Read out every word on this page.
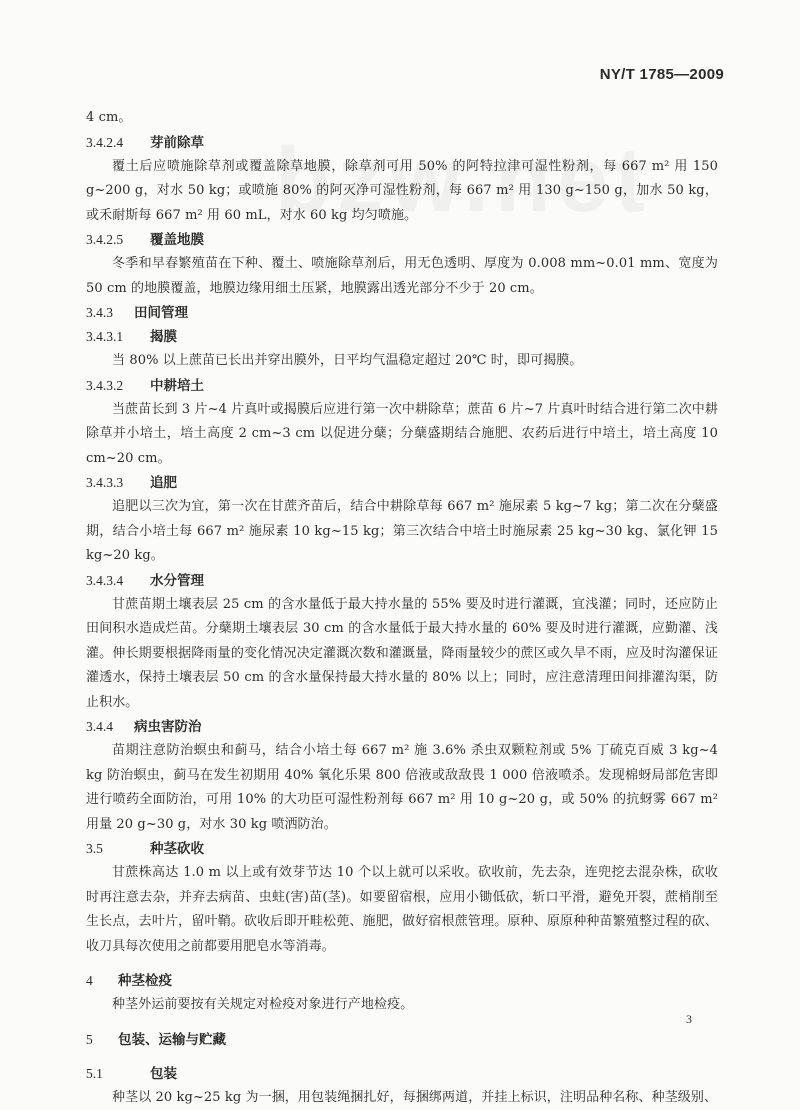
NY/T 1785—2009

4 cm。

3.4.2.4 芽前除草

覆土后应喷施除草剂或覆盖除草地膜，除草剂可用 50% 的阿特拉津可湿性粉剂，每 667 m² 用 150 g~200 g，对水 50 kg；或喷施 80% 的阿灭净可湿性粉剂，每 667 m² 用 130 g~150 g，加水 50 kg，或禾耐斯每 667 m² 用 60 mL，对水 60 kg 均匀喷施。

3.4.2.5 覆盖地膜

冬季和早春繁殖苗在下种、覆土、喷施除草剂后，用无色透明、厚度为 0.008 mm~0.01 mm、宽度为 50 cm 的地膜覆盖，地膜边缘用细土压紧，地膜露出透光部分不少于 20 cm。

3.4.3 田间管理
3.4.3.1 揭膜

当 80% 以上蔗苗已长出并穿出膜外，日平均气温稳定超过 20℃ 时，即可揭膜。

3.4.3.2 中耕培土

当蔗苗长到 3 片~4 片真叶或揭膜后应进行第一次中耕除草；蔗苗 6 片~7 片真叶时结合进行第二次中耕除草并小培土，培土高度 2 cm~3 cm 以促进分蘖；分蘖盛期结合施肥、农药后进行中培土，培土高度 10 cm~20 cm。

3.4.3.3 追肥

追肥以三次为宜，第一次在甘蔗齐苗后，结合中耕除草每 667 m² 施尿素 5 kg~7 kg；第二次在分蘖盛期，结合小培土每 667 m² 施尿素 10 kg~15 kg；第三次结合中培土时施尿素 25 kg~30 kg、氯化钾 15 kg~20 kg。

3.4.3.4 水分管理

甘蔗苗期土壤表层 25 cm 的含水量低于最大持水量的 55% 要及时进行灌溉，宜浅灌；同时，还应防止田间积水造成烂苗。分蘖期土壤表层 30 cm 的含水量低于最大持水量的 60% 要及时进行灌溉，应勤灌、浅灌。伸长期要根据降雨量的变化情况决定灌溉次数和灌溉量，降雨量较少的蔗区或久旱不雨，应及时沟灌保证灌透水，保持土壤表层 50 cm 的含水量保持最大持水量的 80% 以上；同时，应注意清理田间排灌沟渠，防止积水。

3.4.4 病虫害防治

苗期注意防治螟虫和蓟马，结合小培土每 667 m² 施 3.6% 杀虫双颗粒剂或 5% 丁硫克百威 3 kg~4 kg 防治螟虫，蓟马在发生初期用 40% 氧化乐果 800 倍液或敌敌畏 1 000 倍液喷杀。发现棉蚜局部危害即进行喷药全面防治，可用 10% 的大功臣可湿性粉剂每 667 m² 用 10 g~20 g，或 50% 的抗蚜雾 667 m² 用量 20 g~30 g，对水 30 kg 喷洒防治。

3.5	种茎砍收

甘蔗株高达 1.0 m 以上或有效芽节达 10 个以上就可以采收。砍收前，先去杂，连兜挖去混杂株，砍收时再注意去杂，并弃去病苗、虫蛀(害)苗(茎)。如要留宿根，应用小锄低砍，斩口平滑，避免开裂，蔗梢削至生长点，去叶片，留叶鞘。砍收后即开畦松蔸、施肥，做好宿根蔗管理。原种、原原种种苗繁殖整过程的砍、收刀具每次使用之前都要用肥皂水等消毒。

4 种茎检疫

种茎外运前要按有关规定对检疫对象进行产地检疫。

5 包装、运输与贮藏
5.1	包装

种茎以 20 kg~25 kg 为一捆，用包装绳捆扎好，每捆绑两道，并挂上标识，注明品种名称、种茎级别、

3
